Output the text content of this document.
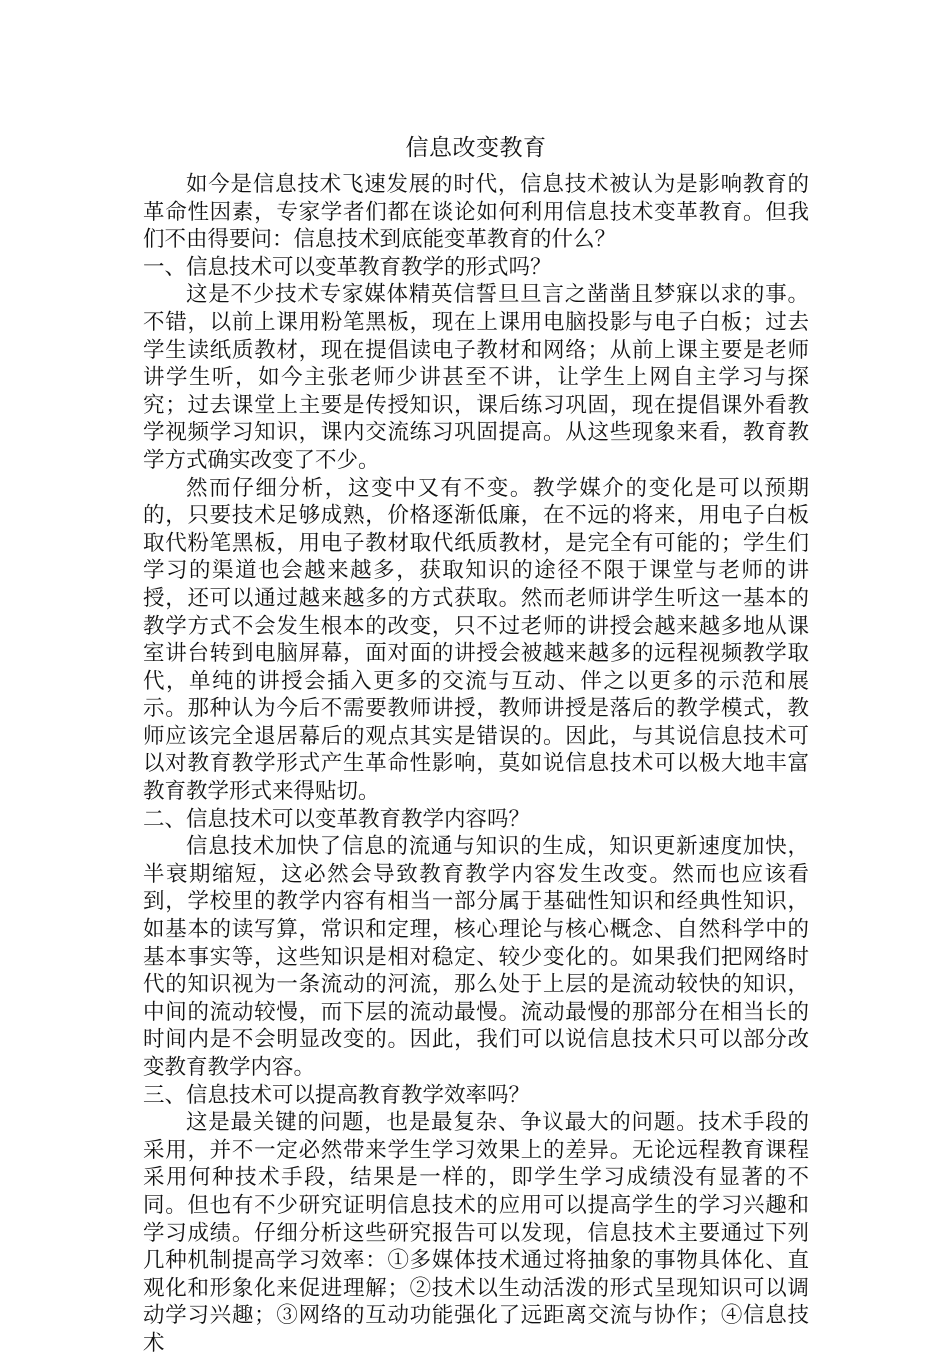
信息改变教育

如今是信息技术飞速发展的时代，信息技术被认为是影响教育的革命性因素，专家学者们都在谈论如何利用信息技术变革教育。但我们不由得要问：信息技术到底能变革教育的什么？

一、信息技术可以变革教育教学的形式吗？

这是不少技术专家媒体精英信誓旦旦言之凿凿且梦寐以求的事。不错，以前上课用粉笔黑板，现在上课用电脑投影与电子白板；过去学生读纸质教材，现在提倡读电子教材和网络；从前上课主要是老师讲学生听，如今主张老师少讲甚至不讲，让学生上网自主学习与探究；过去课堂上主要是传授知识，课后练习巩固，现在提倡课外看教学视频学习知识，课内交流练习巩固提高。从这些现象来看，教育教学方式确实改变了不少。

然而仔细分析，这变中又有不变。教学媒介的变化是可以预期的，只要技术足够成熟，价格逐渐低廉，在不远的将来，用电子白板取代粉笔黑板，用电子教材取代纸质教材，是完全有可能的；学生们学习的渠道也会越来越多，获取知识的途径不限于课堂与老师的讲授，还可以通过越来越多的方式获取。然而老师讲学生听这一基本的教学方式不会发生根本的改变，只不过老师的讲授会越来越多地从课室讲台转到电脑屏幕，面对面的讲授会被越来越多的远程视频教学取代，单纯的讲授会插入更多的交流与互动、伴之以更多的示范和展示。那种认为今后不需要教师讲授，教师讲授是落后的教学模式，教师应该完全退居幕后的观点其实是错误的。因此，与其说信息技术可以对教育教学形式产生革命性影响，莫如说信息技术可以极大地丰富教育教学形式来得贴切。

二、信息技术可以变革教育教学内容吗？

信息技术加快了信息的流通与知识的生成，知识更新速度加快，半衰期缩短，这必然会导致教育教学内容发生改变。然而也应该看到，学校里的教学内容有相当一部分属于基础性知识和经典性知识，如基本的读写算，常识和定理，核心理论与核心概念、自然科学中的基本事实等，这些知识是相对稳定、较少变化的。如果我们把网络时代的知识视为一条流动的河流，那么处于上层的是流动较快的知识，中间的流动较慢，而下层的流动最慢。流动最慢的那部分在相当长的时间内是不会明显改变的。因此，我们可以说信息技术只可以部分改变教育教学内容。

三、信息技术可以提高教育教学效率吗？

这是最关键的问题，也是最复杂、争议最大的问题。技术手段的采用，并不一定必然带来学生学习效果上的差异。无论远程教育课程采用何种技术手段，结果是一样的，即学生学习成绩没有显著的不同。但也有不少研究证明信息技术的应用可以提高学生的学习兴趣和学习成绩。仔细分析这些研究报告可以发现，信息技术主要通过下列几种机制提高学习效率：①多媒体技术通过将抽象的事物具体化、直观化和形象化来促进理解；②技术以生动活泼的形式呈现知识可以调动学习兴趣；③网络的互动功能强化了远距离交流与协作；④信息技术
